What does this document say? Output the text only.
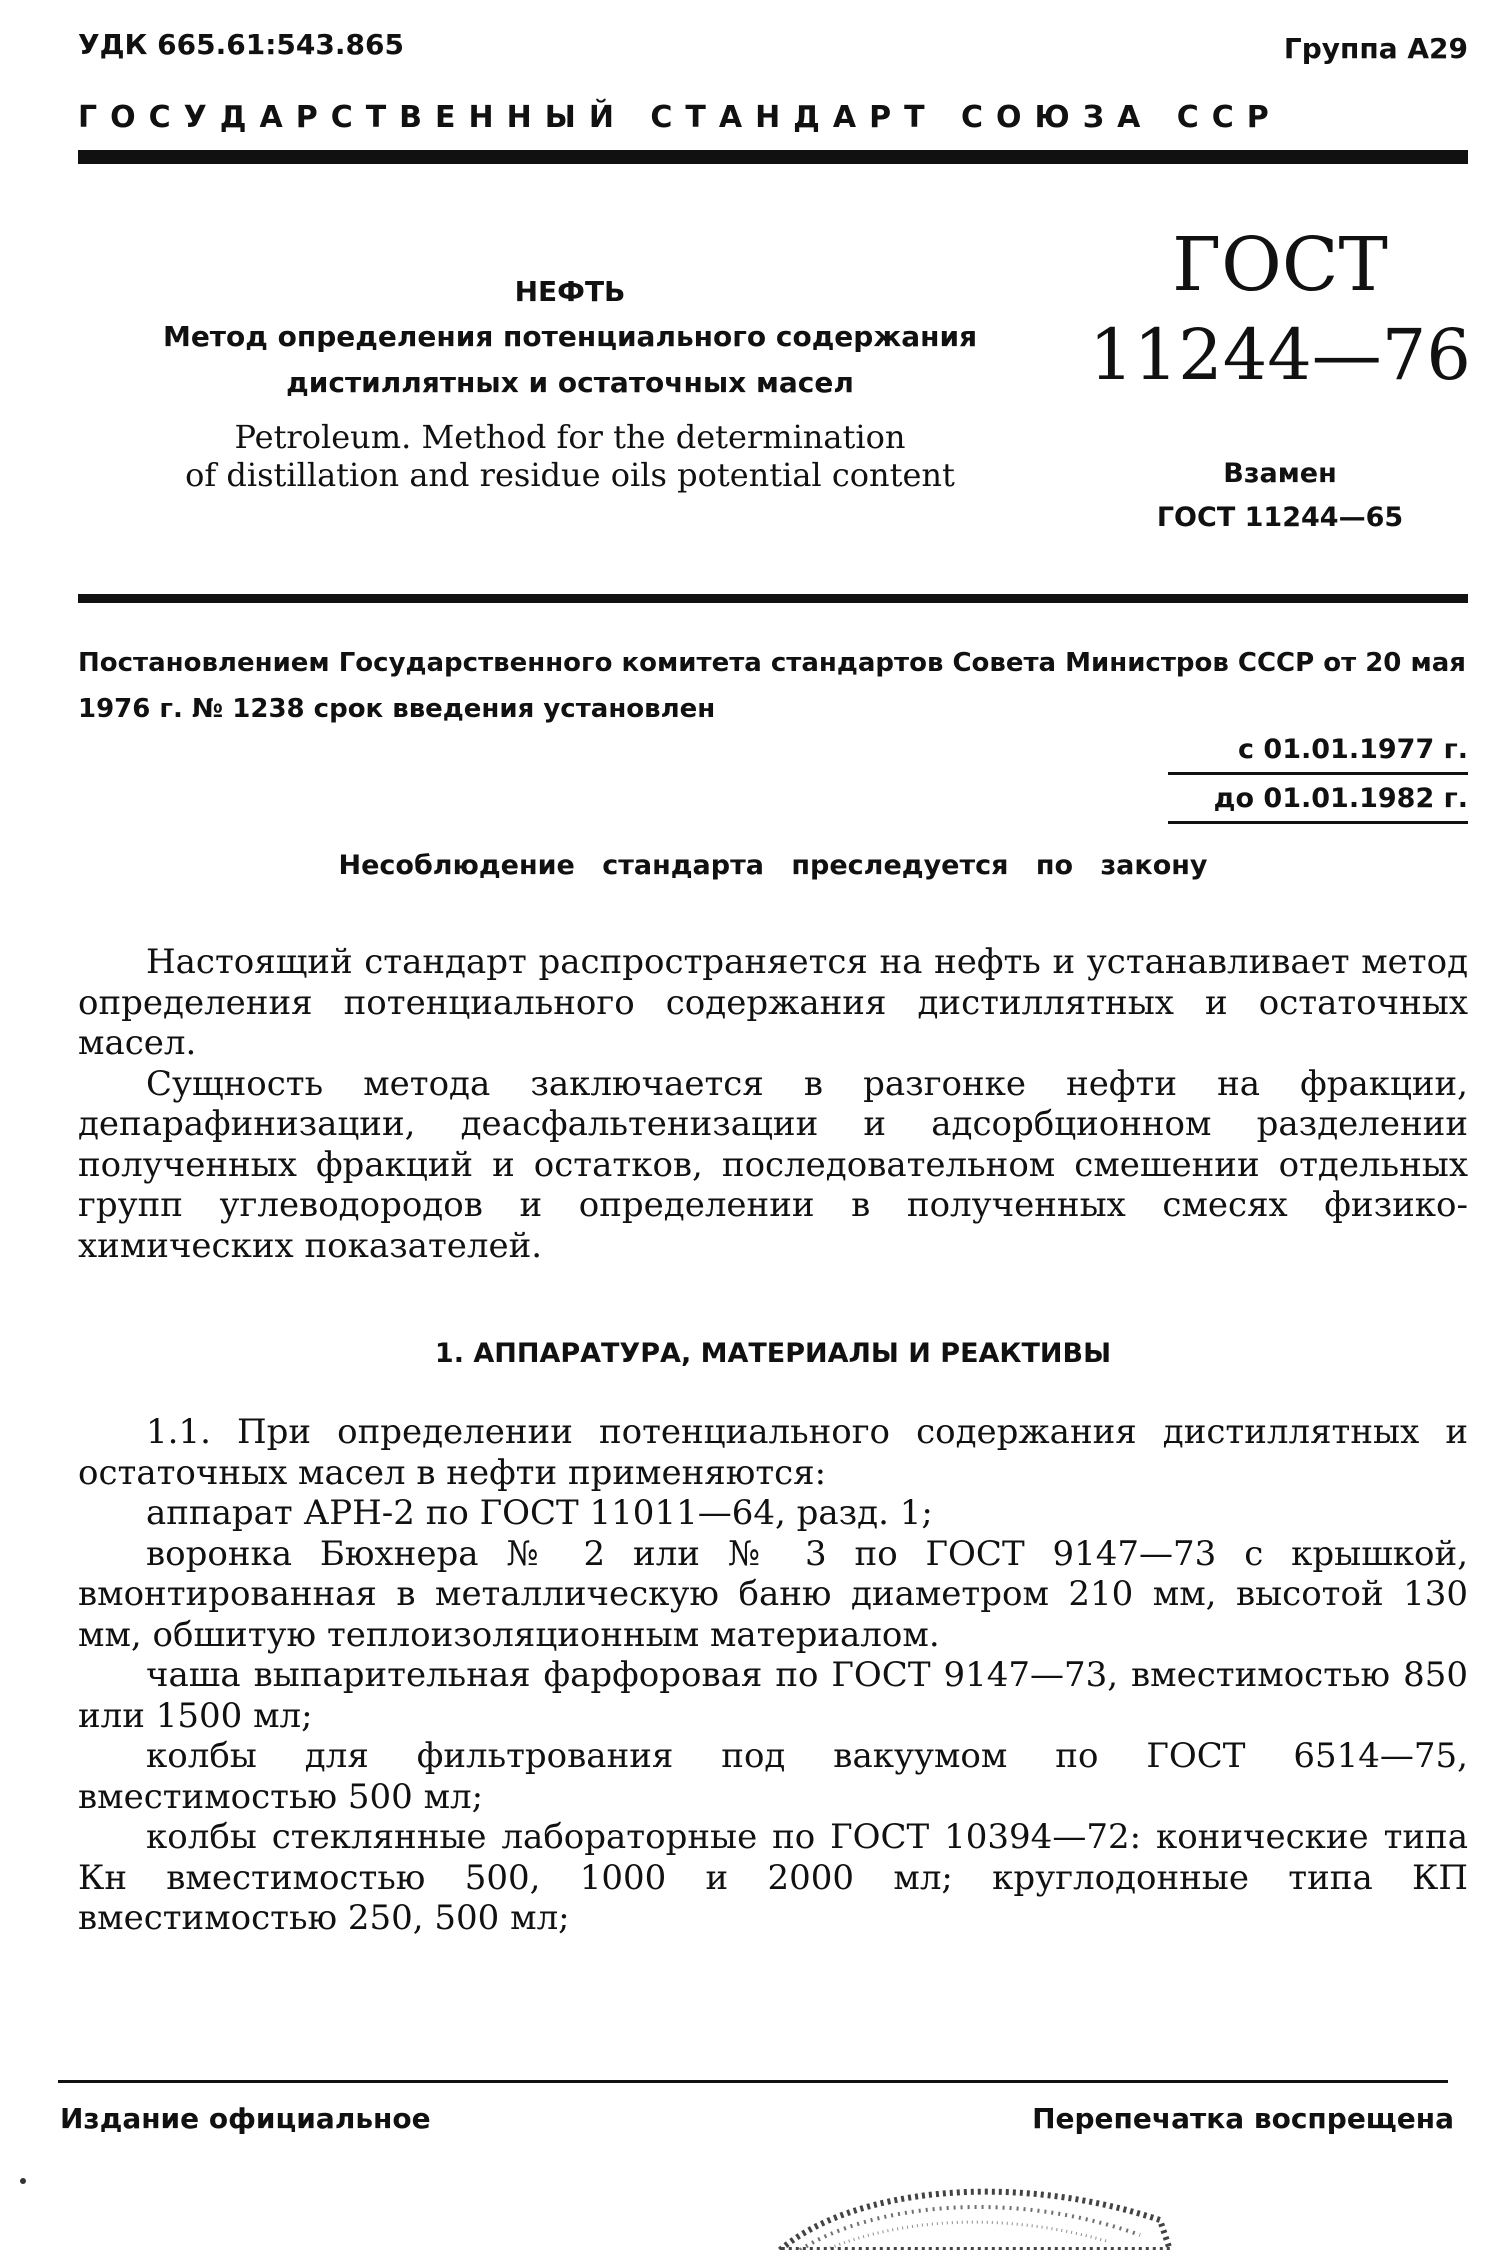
УДК 665.61:543.865	Группа А29
ГОСУДАРСТВЕННЫЙ СТАНДАРТ СОЮЗА ССР
НЕФТЬ
Метод определения потенциального содержания
дистиллятных и остаточных масел
Petroleum. Method for the determination
of distillation and residue oils potential content
ГОСТ
11244—76
Взамен
ГОСТ 11244—65
Постановлением Государственного комитета стандартов Совета Министров СССР от 20 мая 1976 г. № 1238 срок введения установлен
с 01.01.1977 г.
до 01.01.1982 г.
Несоблюдение стандарта преследуется по закону

Настоящий стандарт распространяется на нефть и устанавливает метод определения потенциального содержания дистиллятных и остаточных масел.

Сущность метода заключается в разгонке нефти на фракции, депарафинизации, деасфальтенизации и адсорбционном разделении полученных фракций и остатков, последовательном смешении отдельных групп углеводородов и определении в полученных смесях физико-химических показателей.

1. АППАРАТУРА, МАТЕРИАЛЫ И РЕАКТИВЫ

1.1. При определении потенциального содержания дистиллятных и остаточных масел в нефти применяются:

аппарат АРН-2 по ГОСТ 11011—64, разд. 1;

воронка Бюхнера № 2 или № 3 по ГОСТ 9147—73 с крышкой, вмонтированная в металлическую баню диаметром 210 мм, высотой 130 мм, обшитую теплоизоляционным материалом.

чаша выпарительная фарфоровая по ГОСТ 9147—73, вместимостью 850 или 1500 мл;

колбы для фильтрования под вакуумом по ГОСТ 6514—75, вместимостью 500 мл;

колбы стеклянные лабораторные по ГОСТ 10394—72: конические типа Кн вместимостью 500, 1000 и 2000 мл; круглодонные типа КП вместимостью 250, 500 мл;

Издание официальное	Перепечатка воспрещена
